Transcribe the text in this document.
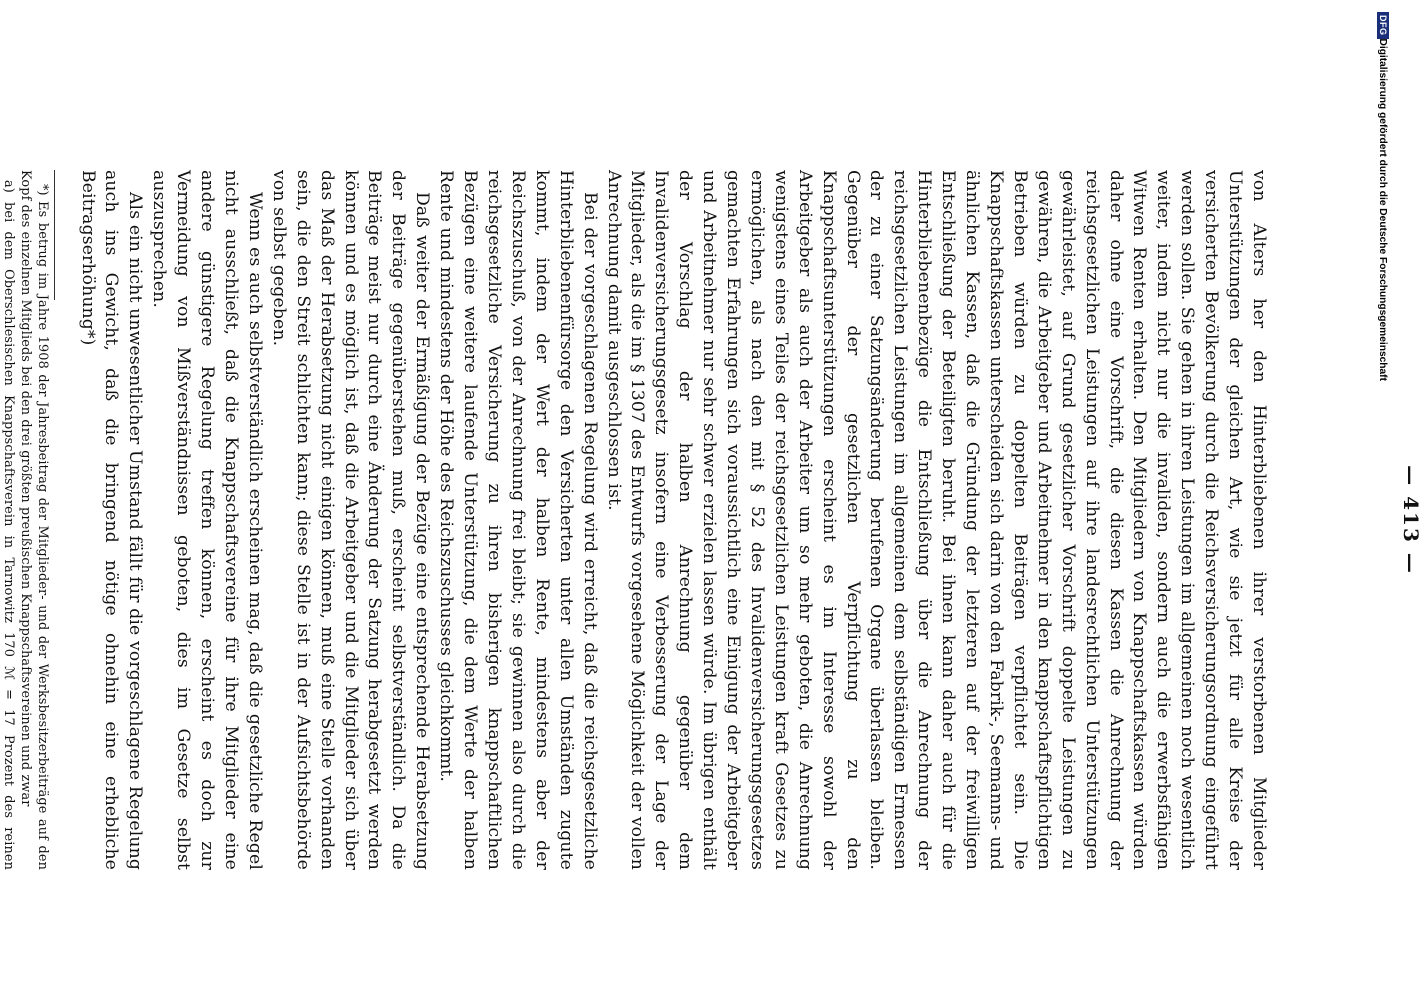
— 413 —

von Alters her den Hinterbliebenen ihrer verstorbenen Mitglieder Unterstützungen der gleichen Art, wie sie jetzt für alle Kreise der versicherten Bevölkerung durch die Reichsversicherungsordnung eingeführt werden sollen. Sie gehen in ihren Leistungen im allgemeinen noch wesentlich weiter, indem nicht nur die invaliden, sondern auch die erwerbsfähigen Witwen Renten erhalten. Den Mitgliedern von Knappschaftskassen würden daher ohne eine Vorschrift, die diesen Kassen die Anrechnung der reichsgesetzlichen Leistungen auf ihre landesrechtlichen Unterstützungen gewährleistet, auf Grund gesetzlicher Vorschrift doppelte Leistungen zu gewähren, die Arbeitgeber und Arbeitnehmer in den knappschaftspflichtigen Betrieben würden zu doppelten Beiträgen verpflichtet sein. Die Knappschaftskassen unterscheiden sich darin von den Fabrik-, Seemanns- und ähnlichen Kassen, daß die Gründung der letzteren auf der freiwilligen Entschließung der Beteiligten beruht. Bei ihnen kann daher auch für die Hinterbliebenenbezüge die Entschließung über die Anrechnung der reichsgesetzlichen Leistungen im allgemeinen dem selbständigen Ermessen der zu einer Satzungsänderung berufenen Organe überlassen bleiben. Gegenüber der gesetzlichen Verpflichtung zu den Knappschaftsunterstützungen erscheint es im Interesse sowohl der Arbeitgeber als auch der Arbeiter um so mehr geboten, die Anrechnung wenigstens eines Teiles der reichsgesetzlichen Leistungen kraft Gesetzes zu ermöglichen, als nach den mit § 52 des Invalidenversicherungsgesetzes gemachten Erfahrungen sich voraussichtlich eine Einigung der Arbeitgeber und Arbeitnehmer nur sehr schwer erzielen lassen würde. Im übrigen enthält der Vorschlag der halben Anrechnung gegenüber dem Invalidenversicherungsgesetz insofern eine Verbesserung der Lage der Mitglieder, als die im § 1307 des Entwurfs vorgesehene Möglichkeit der vollen Anrechnung damit ausgeschlossen ist.

Bei der vorgeschlagenen Regelung wird erreicht, daß die reichsgesetzliche Hinterbliebenenfürsorge den Versicherten unter allen Umständen zugute kommt, indem der Wert der halben Rente, mindestens aber der Reichszuschuß, von der Anrechnung frei bleibt; sie gewinnen also durch die reichsgesetzliche Versicherung zu ihren bisherigen knappschaftlichen Bezügen eine weitere laufende Unterstützung, die dem Werte der halben Rente und mindestens der Höhe des Reichszuschusses gleichkommt.

Daß weiter der Ermäßigung der Bezüge eine entsprechende Herabsetzung der Beiträge gegenüberstehen muß, erscheint selbstverständlich. Da die Beiträge meist nur durch eine Änderung der Satzung herabgesetzt werden können und es möglich ist, daß die Arbeitgeber und die Mitglieder sich über das Maß der Herabsetzung nicht einigen können, muß eine Stelle vorhanden sein, die den Streit schlichten kann; diese Stelle ist in der Aufsichtsbehörde von selbst gegeben.

Wenn es auch selbstverständlich erscheinen mag, daß die gesetzliche Regel nicht ausschließt, daß die Knappschaftsvereine für ihre Mitglieder eine andere günstigere Regelung treffen können, erscheint es doch zur Vermeidung von Mißverständnissen geboten, dies im Gesetze selbst auszusprechen.

Als ein nicht unwesentlicher Umstand fällt für die vorgeschlagene Regelung auch ins Gewicht, daß die bringend nötige ohnehin eine erhebliche Beitragserhöhung*)

*) Es betrug im Jahre 1908 der Jahresbeitrag der Mitglieder- und der Werksbesitzerbeiträge auf den Kopf des einzelnen Mitglieds bei den drei größten preußischen Knappschaftsvereinen und zwar

a) bei dem Oberschlesischen Knappschaftsverein in Tarnowitz 170 ℳ = 17 Prozent des reinen

Digitalisierung gefördert durch die Deutsche Forschungsgemeinschaft
DFG
